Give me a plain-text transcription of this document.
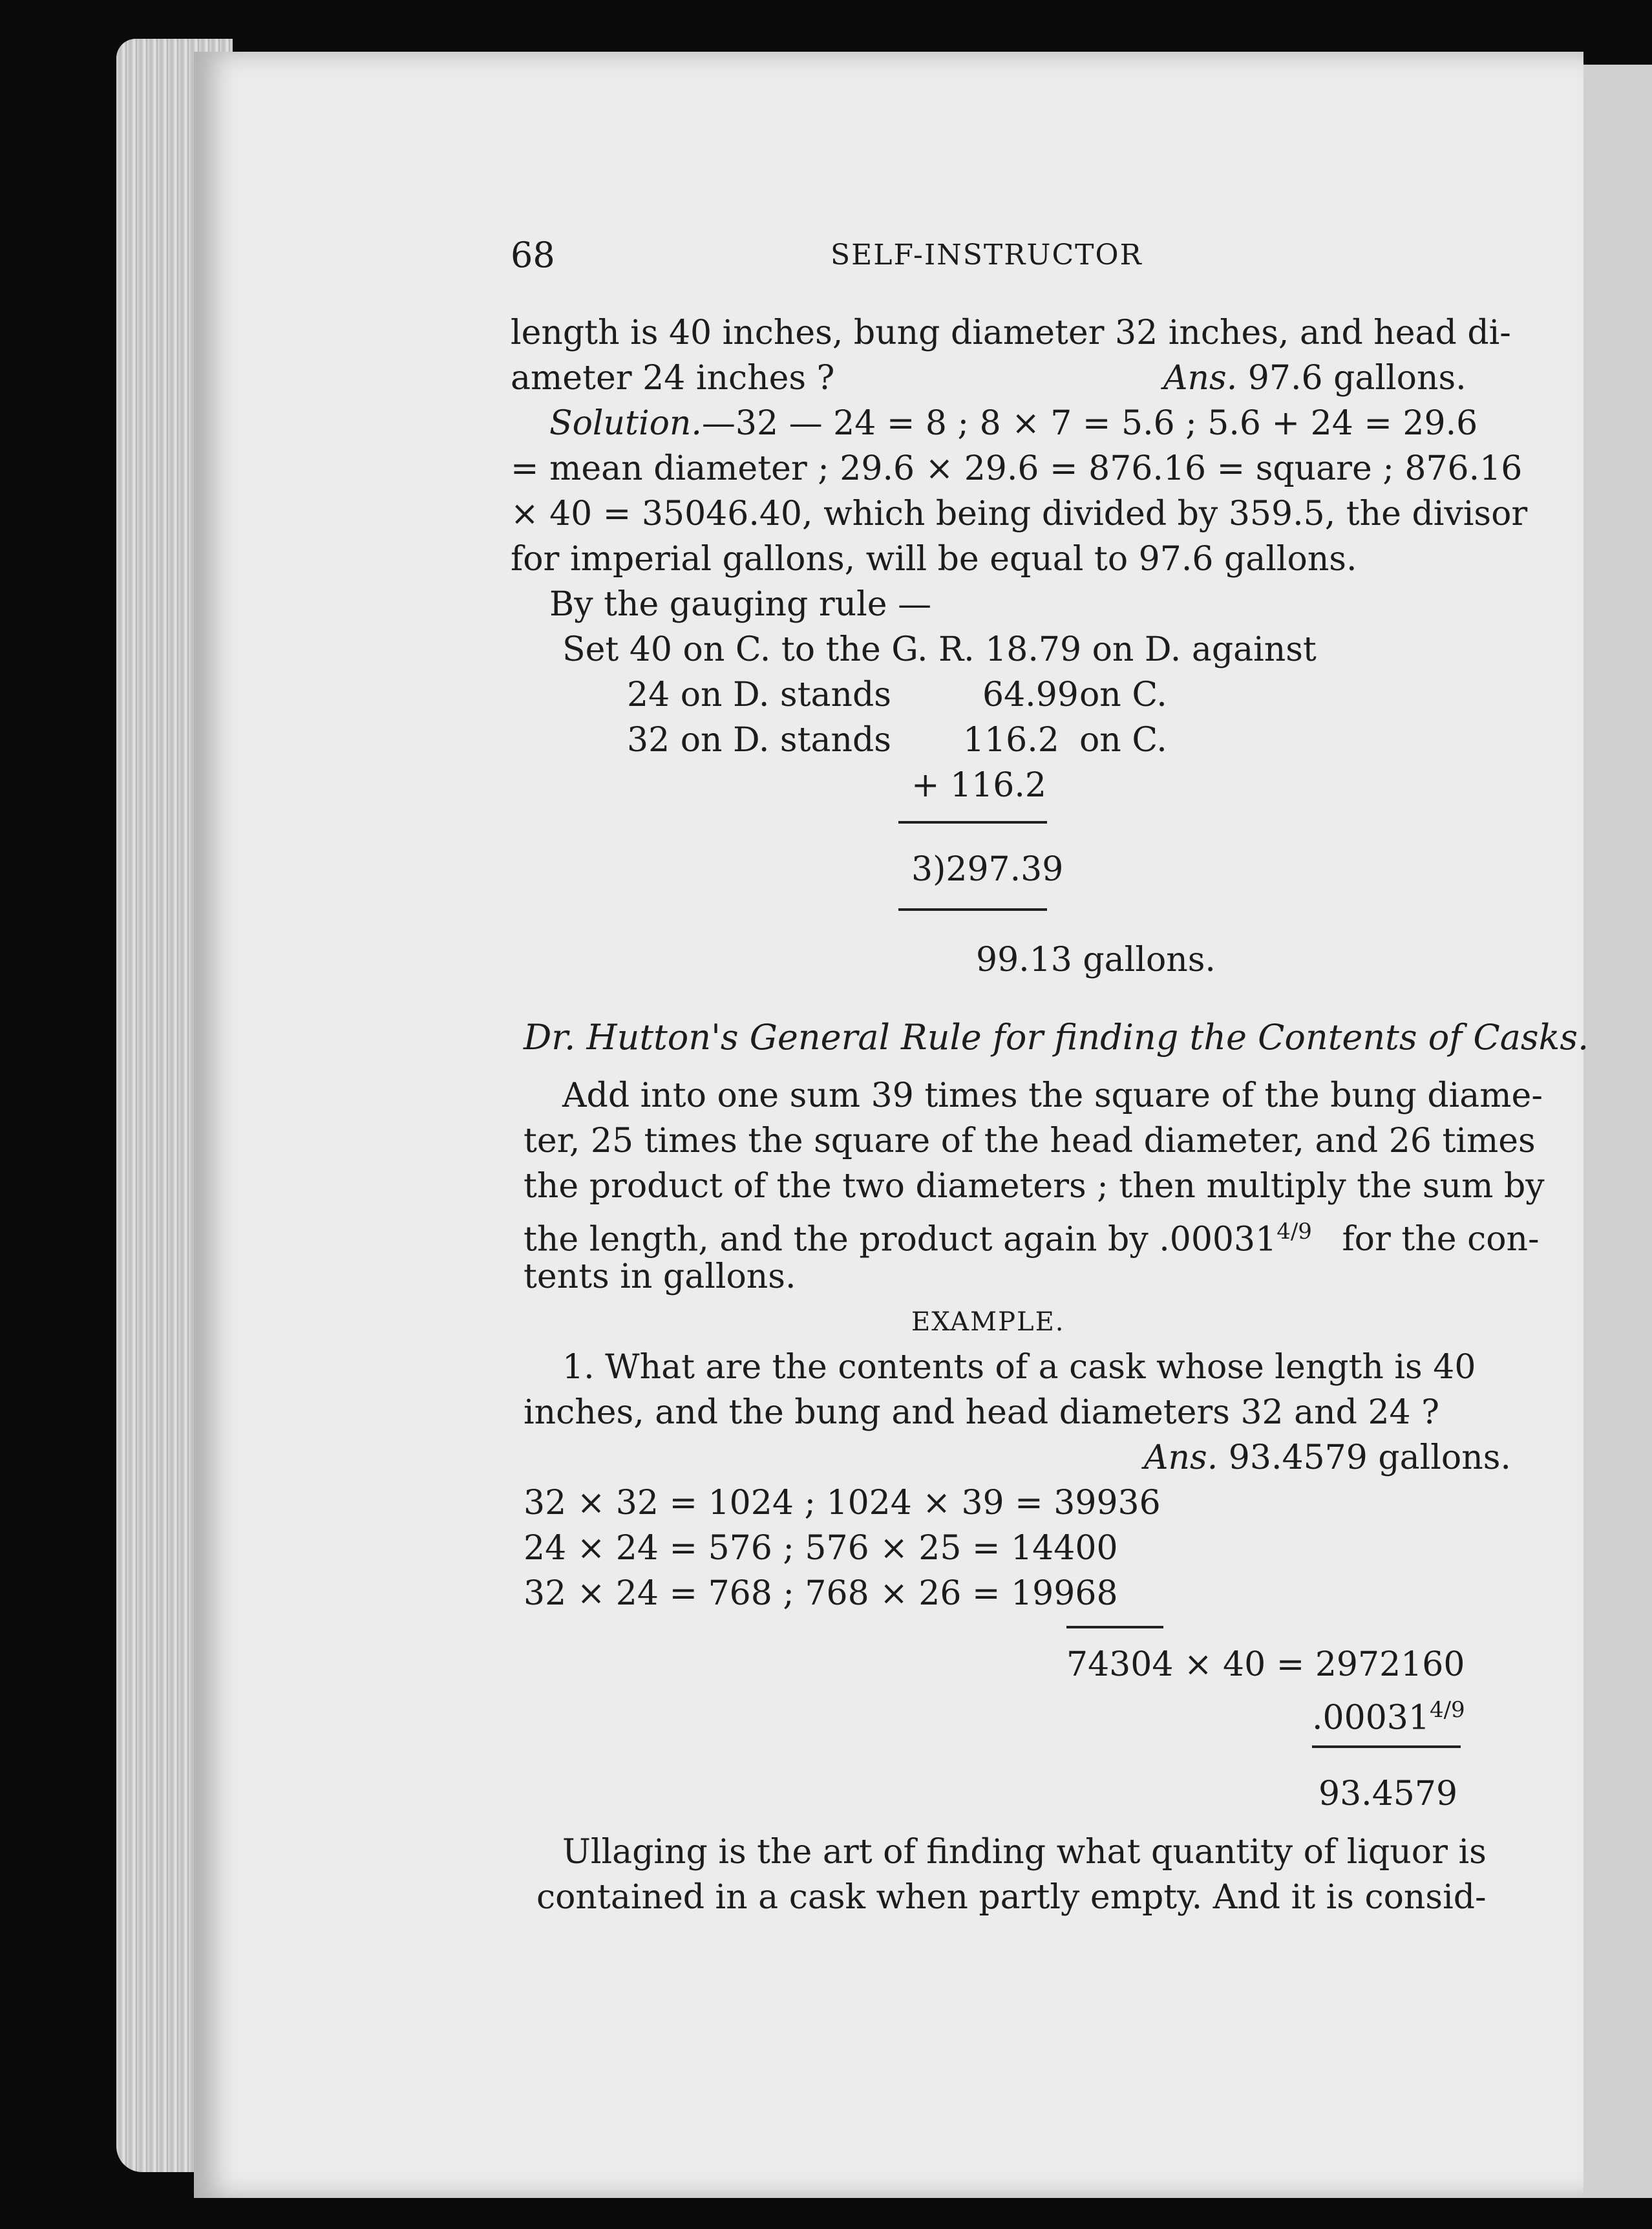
68	SELF-INSTRUCTOR
length is 40 inches, bung diameter 32 inches, and head di-
ameter 24 inches ?	Ans. 97.6 gallons.
Solution.—32 — 24 = 8 ; 8 × 7 = 5.6 ; 5.6 + 24 = 29.6
= mean diameter ; 29.6 × 29.6 = 876.16 = square ; 876.16
× 40 = 35046.40, which being divided by 359.5, the divisor
for imperial gallons, will be equal to 97.6 gallons.
By the gauging rule —
Set 40 on C. to the G. R. 18.79 on D. against
24 on D. stands	64.99 on C.
32 on D. stands 116.2 on C.
+ 116.2
3)297.39
99.13 gallons.
Dr. Hutton's General Rule for finding the Contents of Casks.
Add into one sum 39 times the square of the bung diame-
ter, 25 times the square of the head diameter, and 26 times
the product of the two diameters ; then multiply the sum by
the length, and the product again by $.00031^{4/9}$ for the con-
tents in gallons.
EXAMPLE.
1. What are the contents of a cask whose length is 40
inches, and the bung and head diameters 32 and 24 ?
Ans. 93.4579 gallons.
32 × 32 = 1024 ; 1024 × 39 = 39936
24 × 24 = 576 ; 576 × 25 = 14400
32 × 24 = 768 ; 768 × 26 = 19968
74304 × 40 = 2972160
$.00031^{4/9}$
93.4579
Ullaging is the art of finding what quantity of liquor is
contained in a cask when partly empty. And it is consid-
